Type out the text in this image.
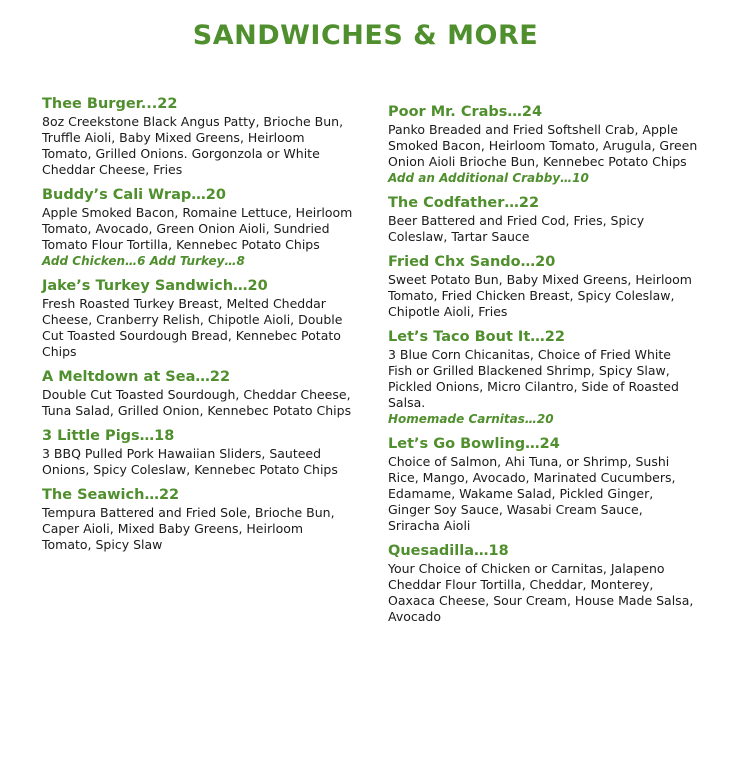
SANDWICHES & MORE
Thee Burger...22
8oz Creekstone Black Angus Patty, Brioche Bun, Truffle Aioli, Baby Mixed Greens, Heirloom Tomato, Grilled Onions. Gorgonzola or White Cheddar Cheese, Fries
Buddy’s Cali Wrap…20
Apple Smoked Bacon, Romaine Lettuce, Heirloom Tomato, Avocado, Green Onion Aioli, Sundried Tomato Flour Tortilla, Kennebec Potato Chips
Add Chicken…6 Add Turkey…8
Jake’s Turkey Sandwich…20
Fresh Roasted Turkey Breast, Melted Cheddar Cheese, Cranberry Relish, Chipotle Aioli, Double Cut Toasted Sourdough Bread, Kennebec Potato Chips
A Meltdown at Sea…22
Double Cut Toasted Sourdough, Cheddar Cheese, Tuna Salad, Grilled Onion, Kennebec Potato Chips
3 Little Pigs…18
3 BBQ Pulled Pork Hawaiian Sliders, Sauteed Onions, Spicy Coleslaw, Kennebec Potato Chips
The Seawich…22
Tempura Battered and Fried Sole, Brioche Bun, Caper Aioli, Mixed Baby Greens, Heirloom Tomato, Spicy Slaw
Poor Mr. Crabs…24
Panko Breaded and Fried Softshell Crab, Apple Smoked Bacon, Heirloom Tomato, Arugula, Green Onion Aioli Brioche Bun, Kennebec Potato Chips
Add an Additional Crabby…10
The Codfather…22
Beer Battered and Fried Cod, Fries, Spicy Coleslaw, Tartar Sauce
Fried Chx Sando…20
Sweet Potato Bun, Baby Mixed Greens, Heirloom Tomato, Fried Chicken Breast, Spicy Coleslaw, Chipotle Aioli, Fries
Let’s Taco Bout It…22
3 Blue Corn Chicanitas, Choice of Fried White Fish or Grilled Blackened Shrimp, Spicy Slaw, Pickled Onions, Micro Cilantro, Side of Roasted Salsa.
Homemade Carnitas…20
Let’s Go Bowling…24
Choice of Salmon, Ahi Tuna, or Shrimp, Sushi Rice, Mango, Avocado, Marinated Cucumbers, Edamame, Wakame Salad, Pickled Ginger, Ginger Soy Sauce, Wasabi Cream Sauce, Sriracha Aioli
Quesadilla…18
Your Choice of Chicken or Carnitas, Jalapeno Cheddar Flour Tortilla, Cheddar, Monterey, Oaxaca Cheese, Sour Cream, House Made Salsa, Avocado
